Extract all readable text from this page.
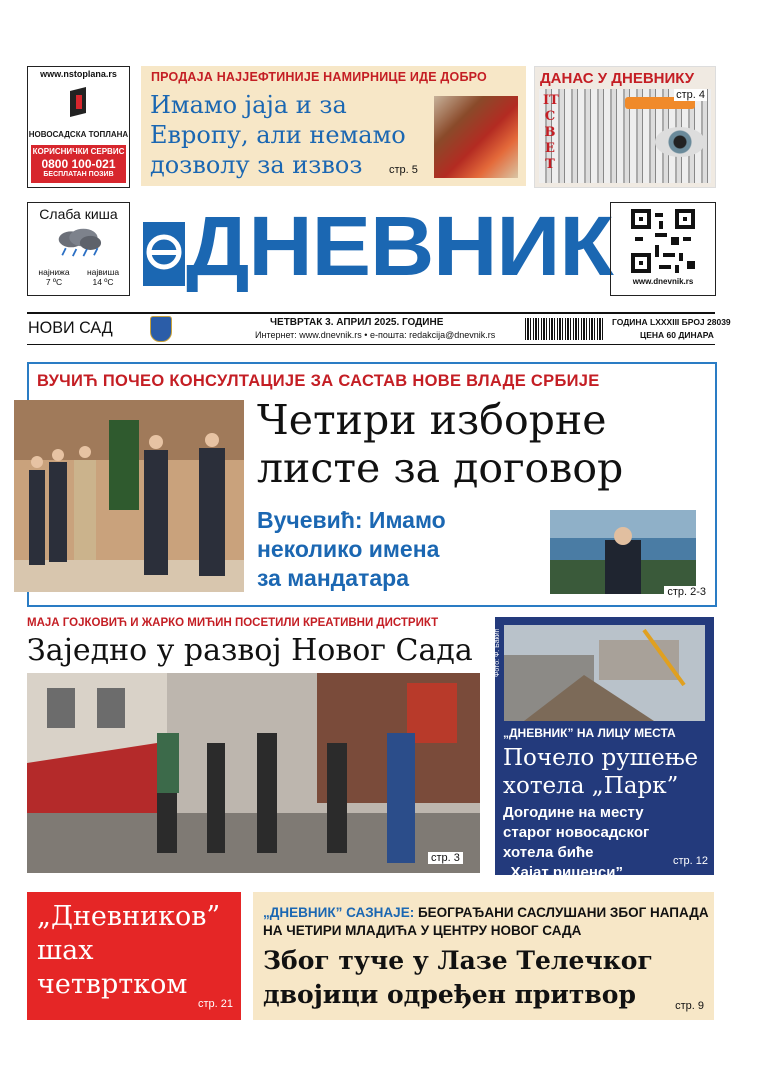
www.nstoplana.rs
НОВОСАДСКА ТОПЛАНА
КОРИСНИЧКИ СЕРВИС
0800 100-021
БЕСПЛАТАН ПОЗИВ
ПРОДАЈА НАЈЈЕФТИНИЈЕ НАМИРНИЦЕ ИДЕ ДОБРО
Имамо јаја и за
Европу, али немамо
дозволу за извоз	стр. 5
ДАНАС У ДНЕВНИКУ
IT
С
В
Е
Т
стр. 4
Слаба киша
најнижа
7 ºC
највиша
14 ºC ДНЕВНИК	www.dnevnik.rs
НОВИ САД	ЧЕТВРТАК 3. АПРИЛ 2025. ГОДИНЕ
Интернет: www.dnevnik.rs • е-пошта: redakcija@dnevnik.rs
ГОДИНА LXXXIII БРОЈ 28039
ЦЕНА 60 ДИНАРА
ВУЧИЋ ПОЧЕО КОНСУЛТАЦИЈЕ ЗА САСТАВ НОВЕ ВЛАДЕ СРБИЈЕ
Четири изборне
листе за договор
Вучевић: Имамо
неколико имена
за мандатара
стр. 2-3
МАЈА ГОЈКОВИЋ И ЖАРКО МИЋИН ПОСЕТИЛИ КРЕАТИВНИ ДИСТРИКТ
Заједно у развој Новог Сада
стр. 3
Фото: Ф. Бакић
„ДНЕВНИК” НА ЛИЦУ МЕСТА
Почело рушење
хотела „Парк”
Догодине на месту
старог новосадског
хотела биће
„Хајат риценси”
стр. 12
„Дневников”
шах
четвртком
стр. 21
„ДНЕВНИК” САЗНАЈЕ: БЕОГРАЂАНИ САСЛУШАНИ ЗБОГ НАПАДА НА ЧЕТИРИ МЛАДИЋА У ЦЕНТРУ НОВОГ САДА
Због туче у Лазе Телечког
двојици одређен притвор	стр. 9
